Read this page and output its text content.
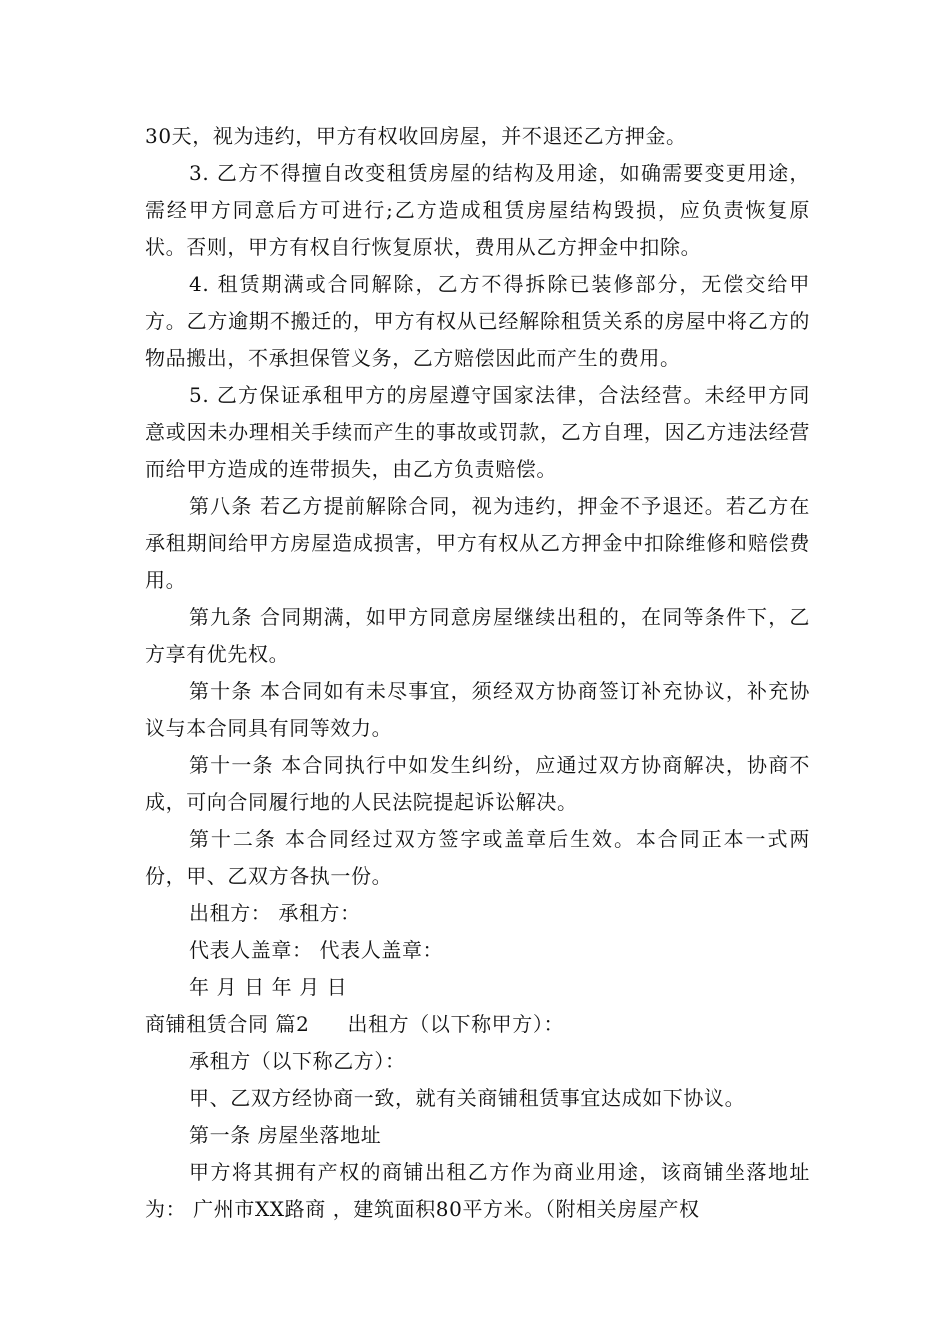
30天，视为违约，甲方有权收回房屋，并不退还乙方押金。

3. 乙方不得擅自改变租赁房屋的结构及用途，如确需要变更用途，需经甲方同意后方可进行;乙方造成租赁房屋结构毁损，应负责恢复原状。否则，甲方有权自行恢复原状，费用从乙方押金中扣除。

4. 租赁期满或合同解除，乙方不得拆除已装修部分，无偿交给甲方。乙方逾期不搬迁的，甲方有权从已经解除租赁关系的房屋中将乙方的物品搬出，不承担保管义务，乙方赔偿因此而产生的费用。

5. 乙方保证承租甲方的房屋遵守国家法律，合法经营。未经甲方同意或因未办理相关手续而产生的事故或罚款，乙方自理，因乙方违法经营而给甲方造成的连带损失，由乙方负责赔偿。

第八条 若乙方提前解除合同，视为违约，押金不予退还。若乙方在承租期间给甲方房屋造成损害，甲方有权从乙方押金中扣除维修和赔偿费用。

第九条 合同期满，如甲方同意房屋继续出租的，在同等条件下，乙方享有优先权。

第十条 本合同如有未尽事宜，须经双方协商签订补充协议，补充协议与本合同具有同等效力。

第十一条 本合同执行中如发生纠纷，应通过双方协商解决，协商不成，可向合同履行地的人民法院提起诉讼解决。

第十二条 本合同经过双方签字或盖章后生效。本合同正本一式两份，甲、乙双方各执一份。

出租方： 承租方：

代表人盖章： 代表人盖章：

年 月 日 年 月 日

商铺租赁合同 篇2 出租方（以下称甲方）：

承租方（以下称乙方）：

甲、乙双方经协商一致，就有关商铺租赁事宜达成如下协议。

第一条 房屋坐落地址

甲方将其拥有产权的商铺出租乙方作为商业用途，该商铺坐落地址为： 广州市XX路商 ，建筑面积80平方米。（附相关房屋产权
